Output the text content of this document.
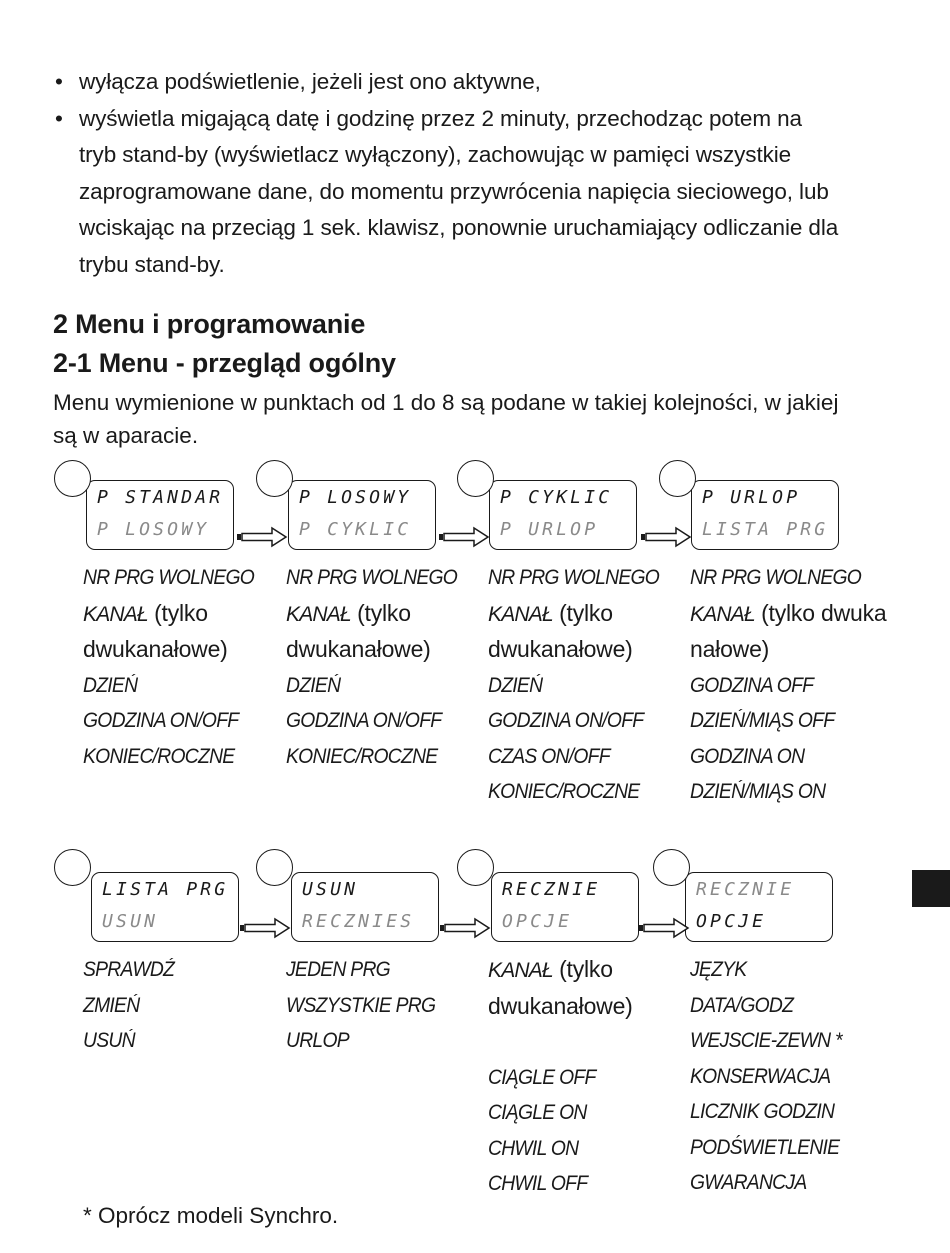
• wyłącza podświetlenie, jeżeli jest ono aktywne,
• wyświetla migającą datę i godzinę przez 2 minuty, przechodząc potem na
tryb stand-by (wyświetlacz wyłączony), zachowując w pamięci wszystkie
zaprogramowane dane, do momentu przywrócenia napięcia sieciowego, lub
wciskając na przeciąg 1 sek. klawisz, ponownie uruchamiający odliczanie dla
trybu stand-by.
2 Menu i programowanie
2-1 Menu - przegląd ogólny

Menu wymienione w punktach od 1 do 8 są podane w takiej kolejności, w jakiej
są w aparacie.

P STANDAR
P LOSOWY
P LOSOWY
P CYKLIC
P CYKLIC
P URLOP
P URLOP
LISTA PRG
NR PRG WOLNEGO
KANAŁ (tylko
dwukanałowe)
DZIEŃ
GODZINA ON/OFF
KONIEC/ROCZNE
NR PRG WOLNEGO
KANAŁ (tylko
dwukanałowe)
DZIEŃ
GODZINA ON/OFF
KONIEC/ROCZNE
NR PRG WOLNEGO
KANAŁ (tylko
dwukanałowe)
DZIEŃ
GODZINA ON/OFF
CZAS ON/OFF
KONIEC/ROCZNE
NR PRG WOLNEGO
KANAŁ (tylko dwuka
nałowe)
GODZINA OFF
DZIEŃ/MIĄS OFF
GODZINA ON
DZIEŃ/MIĄS ON
LISTA PRG
USUN
USUN
RECZNIES
RECZNIE
OPCJE
RECZNIE
OPCJE
SPRAWDŹ
ZMIEŃ
USUŃ
JEDEN PRG
WSZYSTKIE PRG
URLOP
KANAŁ (tylko
dwukanałowe)
CIĄGLE OFF
CIĄGLE ON
CHWIL ON
CHWIL OFF
JĘZYK
DATA/GODZ
WEJSCIE-ZEWN *
KONSERWACJA
LICZNIK GODZIN
PODŚWIETLENIE
GWARANCJA

* Oprócz modeli Synchro.
